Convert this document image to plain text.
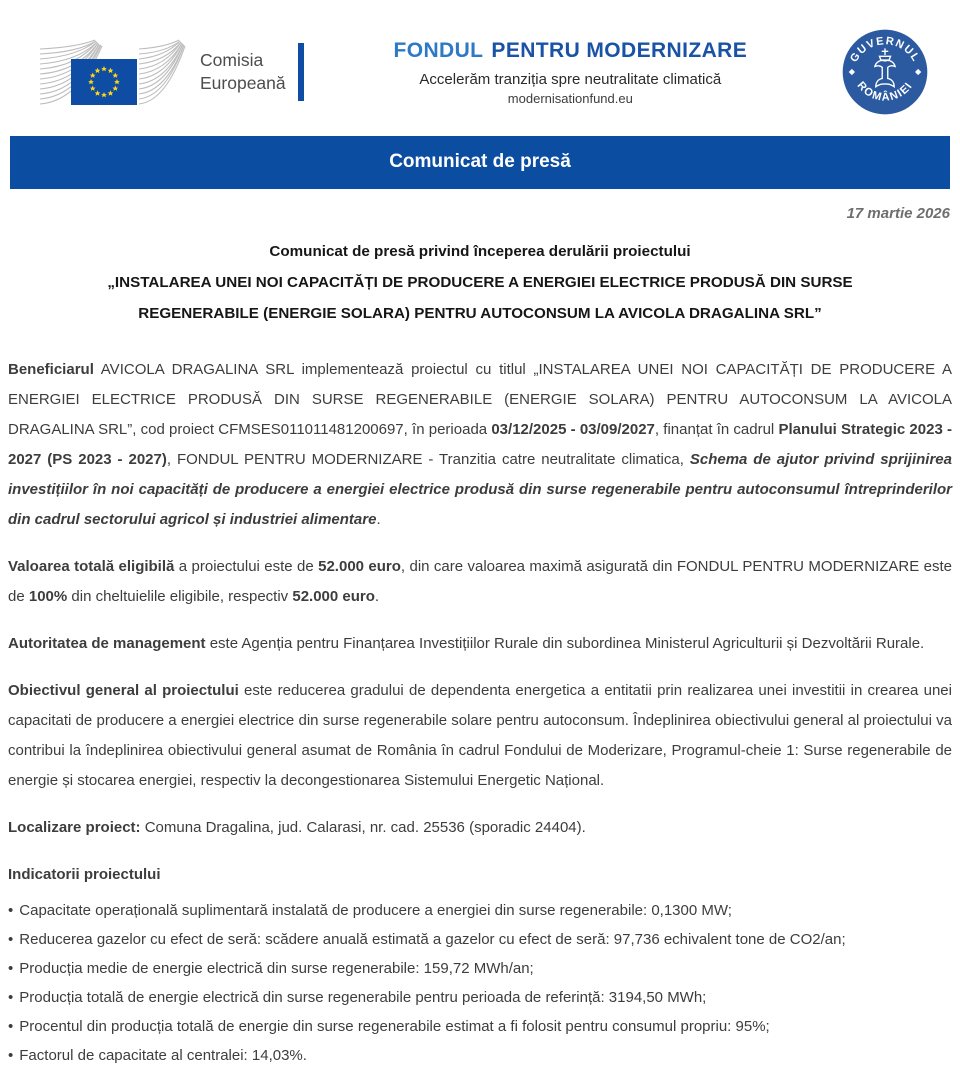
Comisia
Europeană
FONDUL PENTRU MODERNIZARE
Accelerăm tranziția spre neutralitate climatică
modernisationfund.eu
GUVERNUL
ROMÂNIEI
Comunicat de presă
17 martie 2026
Comunicat de presă privind începerea derulării proiectului
„INSTALAREA UNEI NOI CAPACITĂȚI DE PRODUCERE A ENERGIEI ELECTRICE PRODUSĂ DIN SURSE
REGENERABILE (ENERGIE SOLARA) PENTRU AUTOCONSUM LA AVICOLA DRAGALINA SRL”

Beneficiarul AVICOLA DRAGALINA SRL implementează proiectul cu titlul „INSTALAREA UNEI NOI CAPACITĂȚI DE PRODUCERE A ENERGIEI ELECTRICE PRODUSĂ DIN SURSE REGENERABILE (ENERGIE SOLARA) PENTRU AUTOCONSUM LA AVICOLA DRAGALINA SRL”, cod proiect CFMSES011011481200697, în perioada 03/12/2025 - 03/09/2027, finanțat în cadrul Planului Strategic 2023 - 2027 (PS 2023 - 2027), FONDUL PENTRU MODERNIZARE - Tranzitia catre neutralitate climatica, Schema de ajutor privind sprijinirea investițiilor în noi capacități de producere a energiei electrice produsă din surse regenerabile pentru autoconsumul întreprinderilor din cadrul sectorului agricol și industriei alimentare.

Valoarea totală eligibilă a proiectului este de 52.000 euro, din care valoarea maximă asigurată din FONDUL PENTRU MODERNIZARE este de 100% din cheltuielile eligibile, respectiv 52.000 euro.

Autoritatea de management este Agenția pentru Finanțarea Investițiilor Rurale din subordinea Ministerul Agriculturii și Dezvoltării Rurale.

Obiectivul general al proiectului este reducerea gradului de dependenta energetica a entitatii prin realizarea unei investitii in crearea unei capacitati de producere a energiei electrice din surse regenerabile solare pentru autoconsum. Îndeplinirea obiectivului general al proiectului va contribui la îndeplinirea obiectivului general asumat de România în cadrul Fondului de Moderizare, Programul-cheie 1: Surse regenerabile de energie și stocarea energiei, respectiv la decongestionarea Sistemului Energetic Național.

Localizare proiect: Comuna Dragalina, jud. Calarasi, nr. cad. 25536 (sporadic 24404).

Indicatorii proiectului
• Capacitate operațională suplimentară instalată de producere a energiei din surse regenerabile: 0,1300 MW;
• Reducerea gazelor cu efect de seră: scădere anuală estimată a gazelor cu efect de seră: 97,736 echivalent tone de CO2/an;
• Producția medie de energie electrică din surse regenerabile: 159,72 MWh/an;
• Producția totală de energie electrică din surse regenerabile pentru perioada de referință: 3194,50 MWh;
• Procentul din producția totală de energie din surse regenerabile estimat a fi folosit pentru consumul propriu: 95%;
• Factorul de capacitate al centralei: 14,03%.
